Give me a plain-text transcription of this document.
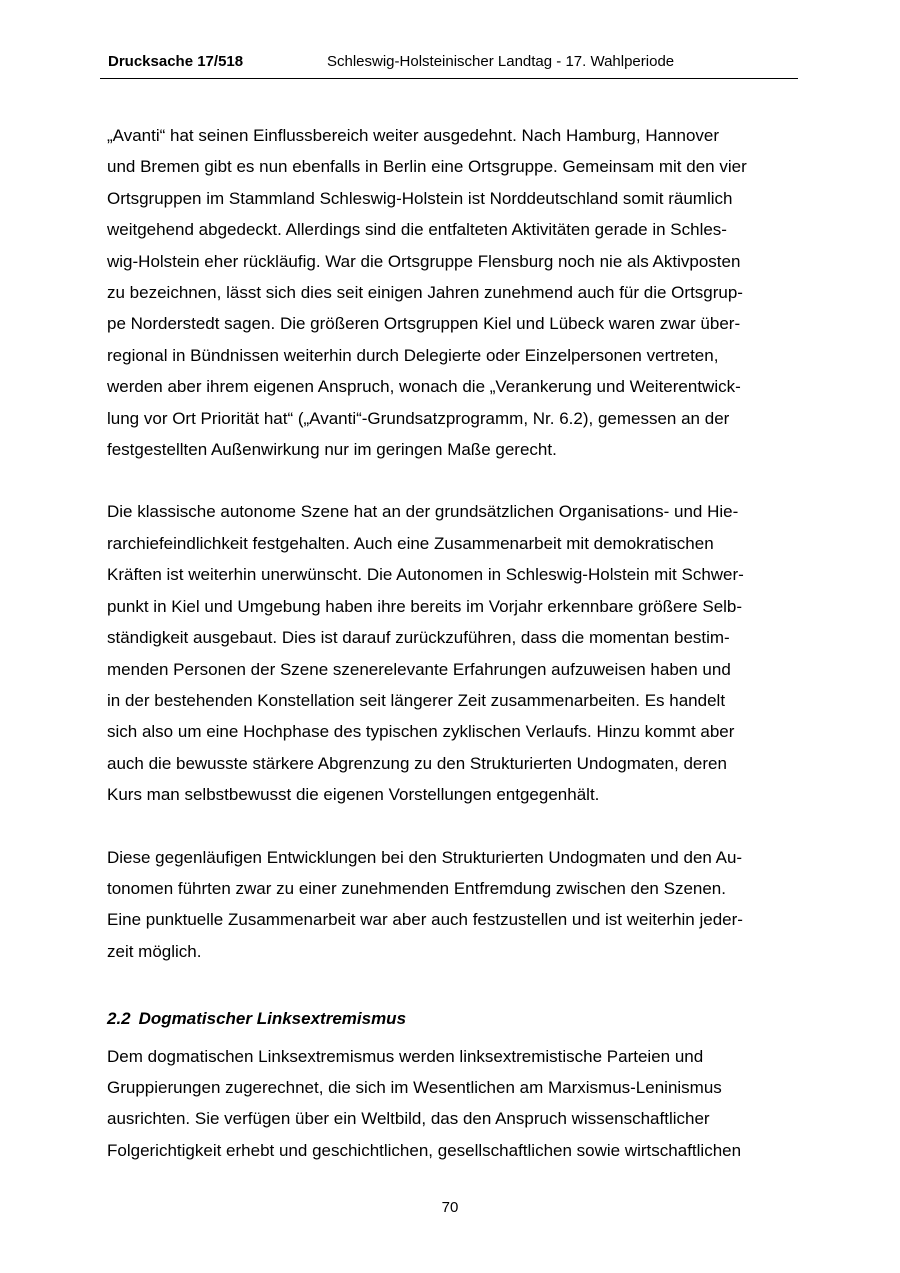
Drucksache 17/518	Schleswig-Holsteinischer Landtag - 17. Wahlperiode

„Avanti“ hat seinen Einflussbereich weiter ausgedehnt. Nach Hamburg, Hannover
und Bremen gibt es nun ebenfalls in Berlin eine Ortsgruppe. Gemeinsam mit den vier
Ortsgruppen im Stammland Schleswig-Holstein ist Norddeutschland somit räumlich
weitgehend abgedeckt. Allerdings sind die entfalteten Aktivitäten gerade in Schles-
wig-Holstein eher rückläufig. War die Ortsgruppe Flensburg noch nie als Aktivposten
zu bezeichnen, lässt sich dies seit einigen Jahren zunehmend auch für die Ortsgrup-
pe Norderstedt sagen. Die größeren Ortsgruppen Kiel und Lübeck waren zwar über-
regional in Bündnissen weiterhin durch Delegierte oder Einzelpersonen vertreten,
werden aber ihrem eigenen Anspruch, wonach die „Verankerung und Weiterentwick-
lung vor Ort Priorität hat“ („Avanti“-Grundsatzprogramm, Nr. 6.2), gemessen an der
festgestellten Außenwirkung nur im geringen Maße gerecht.

Die klassische autonome Szene hat an der grundsätzlichen Organisations- und Hie-
rarchiefeindlichkeit festgehalten. Auch eine Zusammenarbeit mit demokratischen
Kräften ist weiterhin unerwünscht. Die Autonomen in Schleswig-Holstein mit Schwer-
punkt in Kiel und Umgebung haben ihre bereits im Vorjahr erkennbare größere Selb-
ständigkeit ausgebaut. Dies ist darauf zurückzuführen, dass die momentan bestim-
menden Personen der Szene szenerelevante Erfahrungen aufzuweisen haben und
in der bestehenden Konstellation seit längerer Zeit zusammenarbeiten. Es handelt
sich also um eine Hochphase des typischen zyklischen Verlaufs. Hinzu kommt aber
auch die bewusste stärkere Abgrenzung zu den Strukturierten Undogmaten, deren
Kurs man selbstbewusst die eigenen Vorstellungen entgegenhält.

Diese gegenläufigen Entwicklungen bei den Strukturierten Undogmaten und den Au-
tonomen führten zwar zu einer zunehmenden Entfremdung zwischen den Szenen.
Eine punktuelle Zusammenarbeit war aber auch festzustellen und ist weiterhin jeder-
zeit möglich.

2.2 Dogmatischer Linksextremismus

Dem dogmatischen Linksextremismus werden linksextremistische Parteien und
Gruppierungen zugerechnet, die sich im Wesentlichen am Marxismus-Leninismus
ausrichten. Sie verfügen über ein Weltbild, das den Anspruch wissenschaftlicher
Folgerichtigkeit erhebt und geschichtlichen, gesellschaftlichen sowie wirtschaftlichen

70
